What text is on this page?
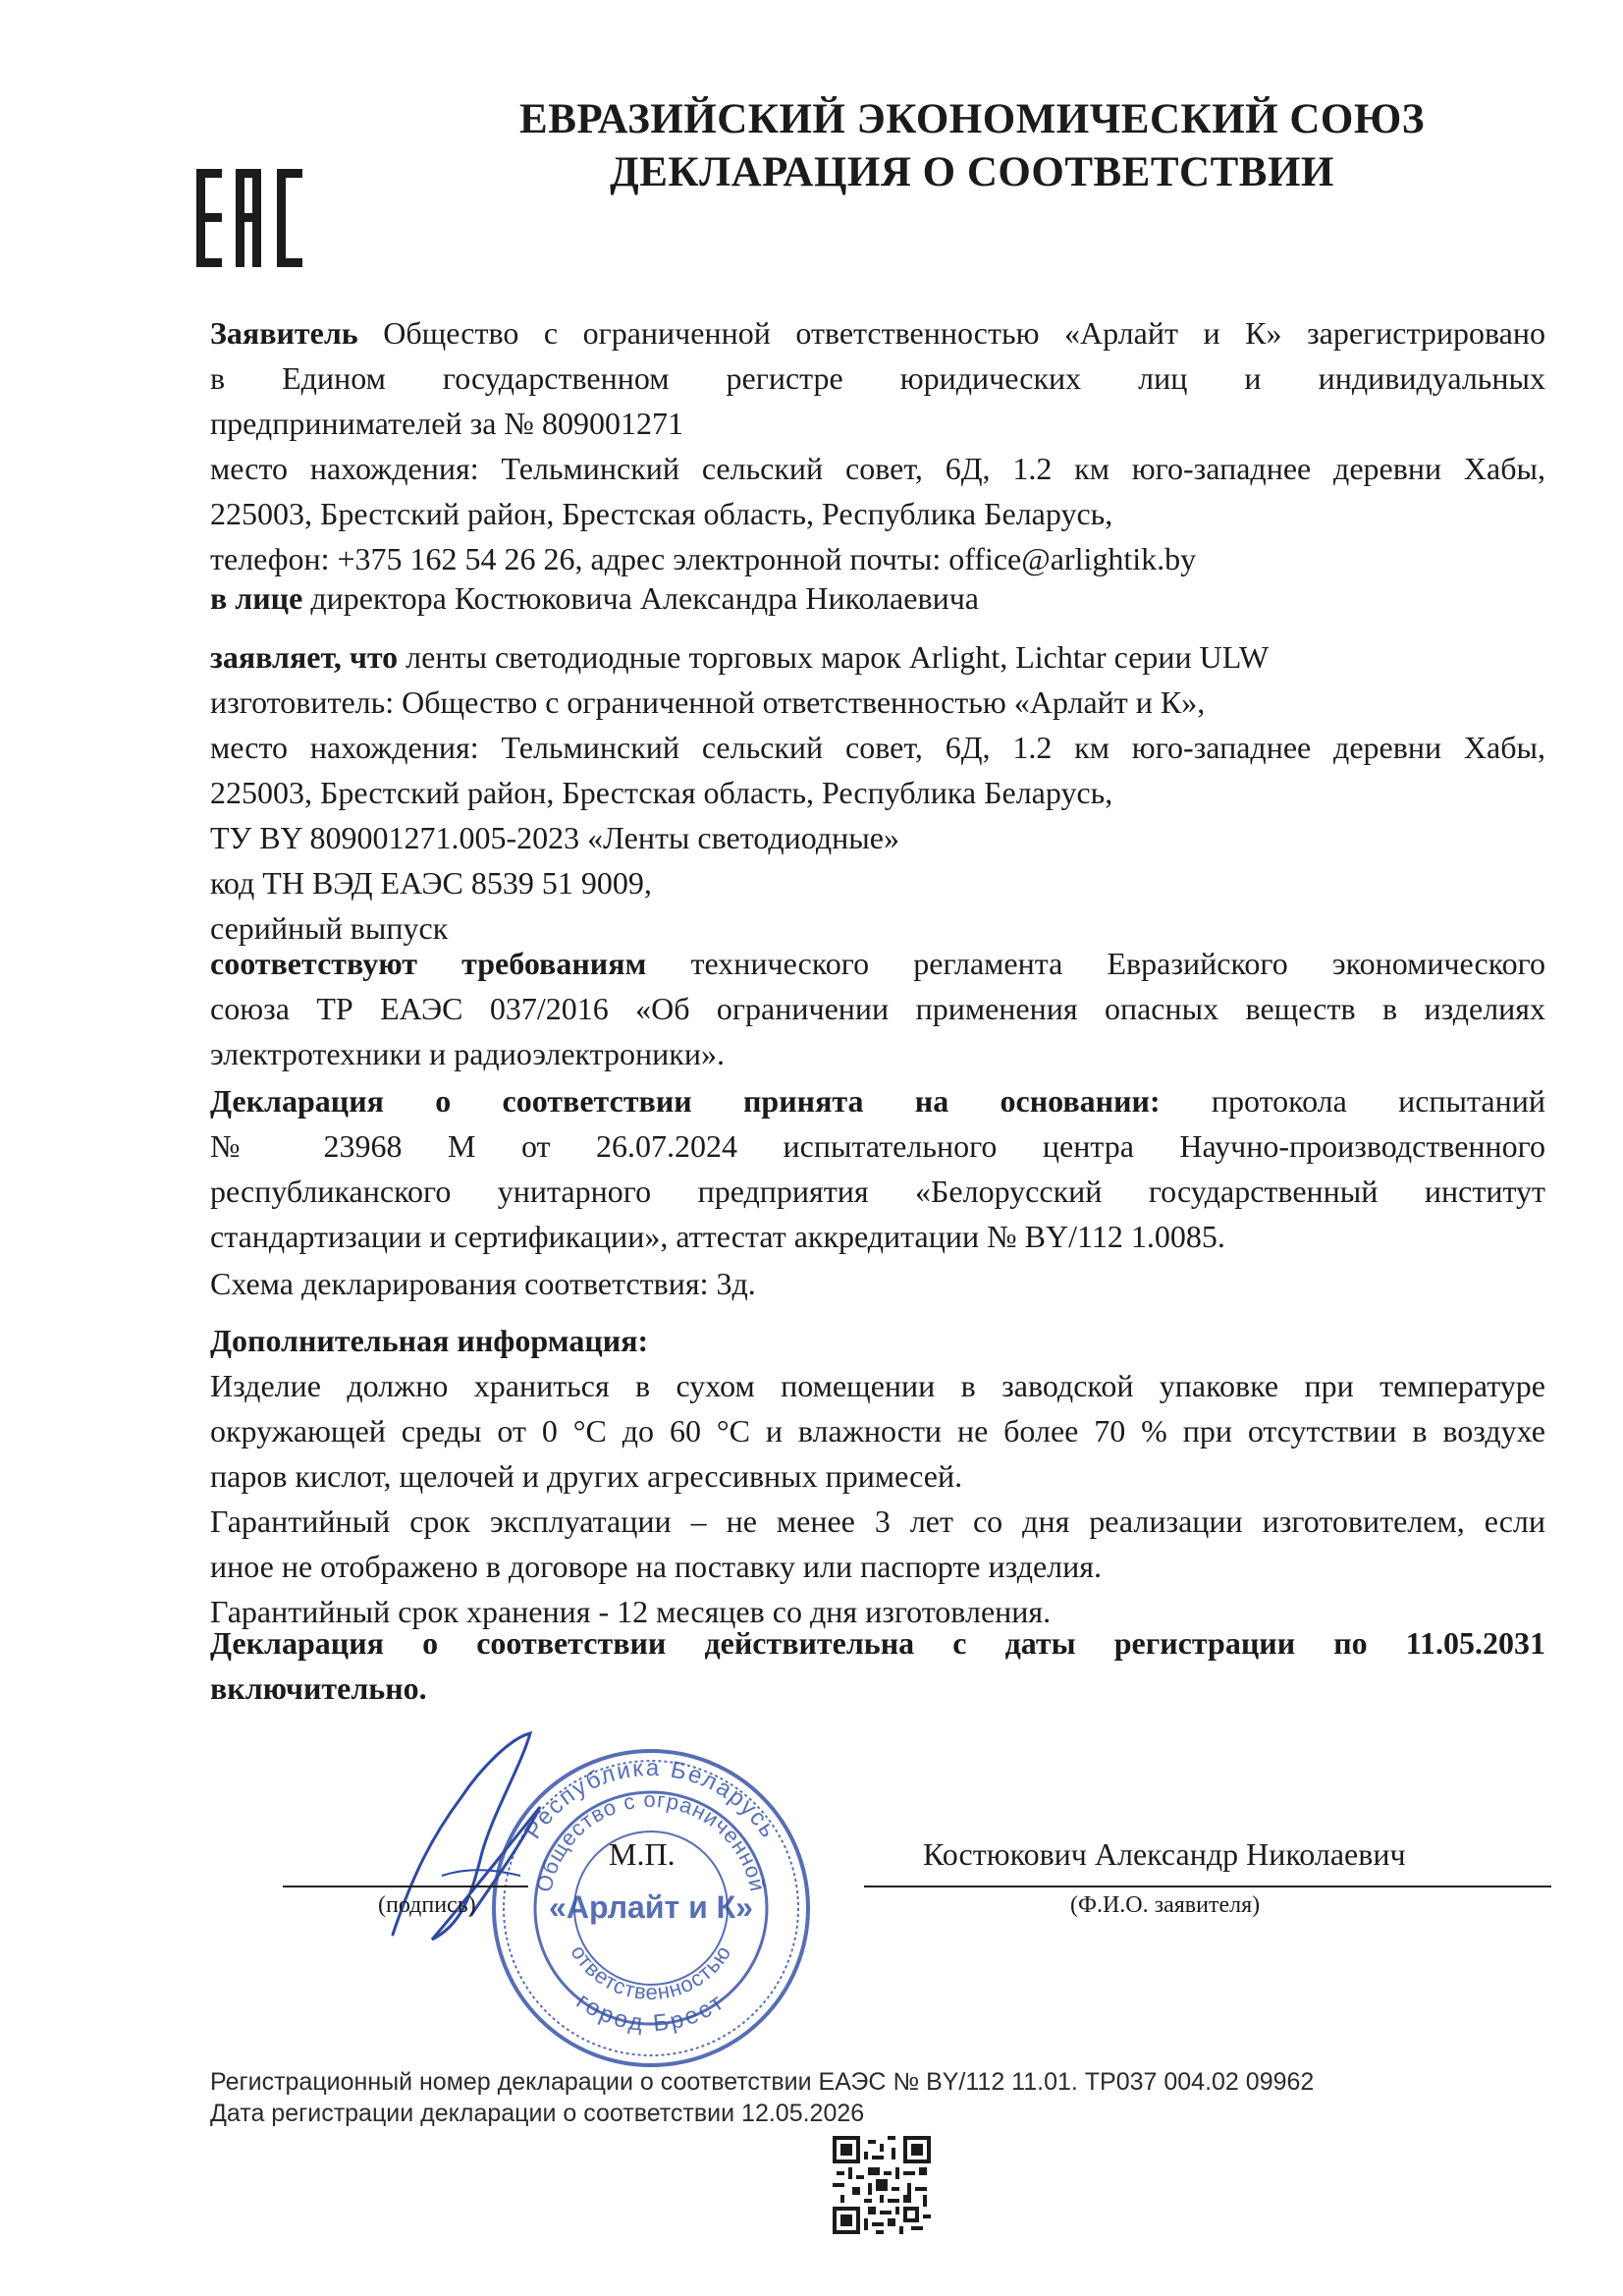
ЕВРАЗИЙСКИЙ ЭКОНОМИЧЕСКИЙ СОЮЗ
ДЕКЛАРАЦИЯ О СООТВЕТСТВИИ

Заявитель Общество с ограниченной ответственностью «Арлайт и К» зарегистрировано

в Едином государственном регистре юридических лиц и индивидуальных

предпринимателей за № 809001271

место нахождения: Тельминский сельский совет, 6Д, 1.2 км юго-западнее деревни Хабы,

225003, Брестский район, Брестская область, Республика Беларусь,

телефон: +375 162 54 26 26, адрес электронной почты: office@arlightik.by

в лице директора Костюковича Александра Николаевича

заявляет, что ленты светодиодные торговых марок Arlight, Lichtar серии ULW

изготовитель: Общество с ограниченной ответственностью «Арлайт и К»,

место нахождения: Тельминский сельский совет, 6Д, 1.2 км юго-западнее деревни Хабы,

225003, Брестский район, Брестская область, Республика Беларусь,

ТУ BY 809001271.005-2023 «Ленты светодиодные»

код ТН ВЭД ЕАЭС 8539 51 9009,

серийный выпуск

соответствуют требованиям технического регламента Евразийского экономического

союза ТР ЕАЭС 037/2016 «Об ограничении применения опасных веществ в изделиях

электротехники и радиоэлектроники».

Декларация о соответствии принята на основании: протокола испытаний

№ 23968 М от 26.07.2024 испытательного центра Научно-производственного

республиканского унитарного предприятия «Белорусский государственный институт

стандартизации и сертификации», аттестат аккредитации № BY/112 1.0085.

Схема декларирования соответствия: 3д.

Дополнительная информация:

Изделие должно храниться в сухом помещении в заводской упаковке при температуре

окружающей среды от 0 °С до 60 °С и влажности не более 70 % при отсутствии в воздухе

паров кислот, щелочей и других агрессивных примесей.

Гарантийный срок эксплуатации – не менее 3 лет со дня реализации изготовителем, если

иное не отображено в договоре на поставку или паспорте изделия.

Гарантийный срок хранения - 12 месяцев со дня изготовления.

Декларация о соответствии действительна с даты регистрации по 11.05.2031

включительно.

Республика Беларусь
Общество с ограниченной
ответственностью
город Брест
«Арлайт и К»
М.П.
(подпись)
Костюкович Александр Николаевич
(Ф.И.О. заявителя)
Регистрационный номер декларации о соответствии ЕАЭС № BY/112 11.01. ТР037 004.02 09962
Дата регистрации декларации о соответствии 12.05.2026
